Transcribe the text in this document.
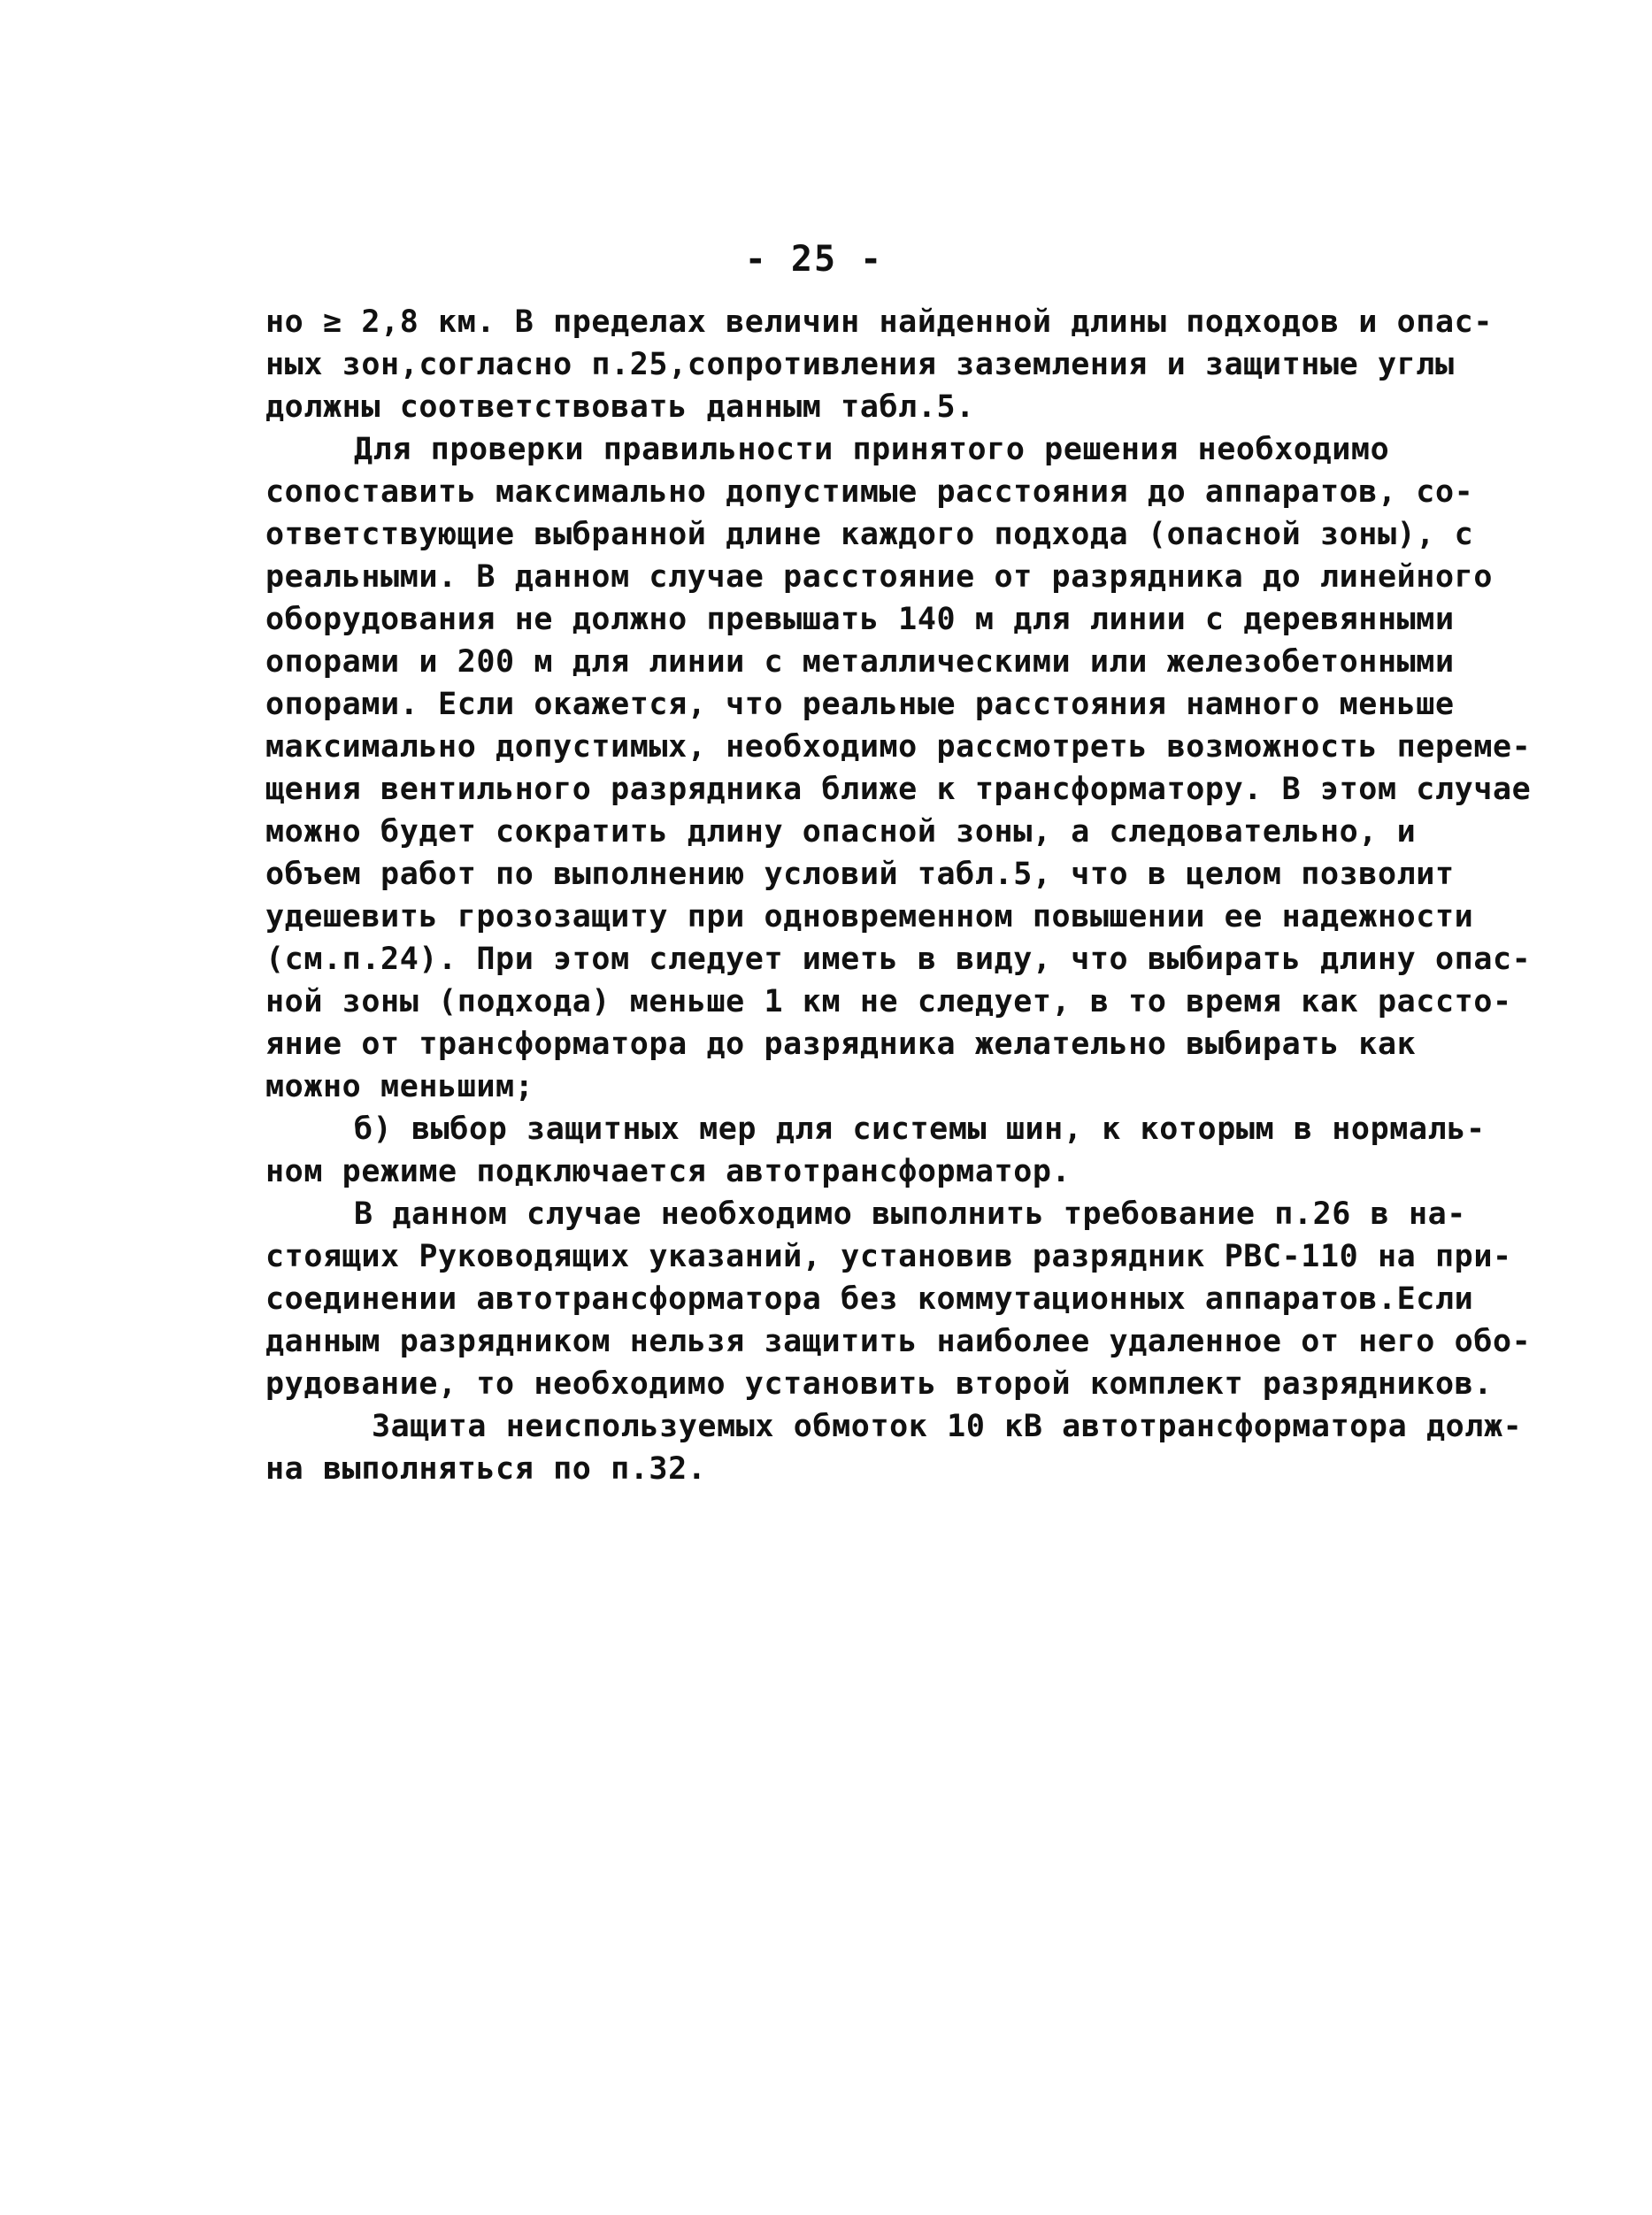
- 25 -
но ≥ 2,8 км. В пределах величин найденной длины подходов и опас-
ных зон,согласно п.25,сопротивления заземления и защитные углы
должны соответствовать данным табл.5.
Для проверки правильности принятого решения необходимо
сопоставить максимально допустимые расстояния до аппаратов, со-
ответствующие выбранной длине каждого подхода (опасной зоны), с
реальными. В данном случае расстояние от разрядника до линейного
оборудования не должно превышать 140 м для линии с деревянными
опорами и 200 м для линии с металлическими или железобетонными
опорами. Если окажется, что реальные расстояния намного меньше
максимально допустимых, необходимо рассмотреть возможность переме-
щения вентильного разрядника ближе к трансформатору. В этом случае
можно будет сократить длину опасной зоны, а следовательно, и
объем работ по выполнению условий табл.5, что в целом позволит
удешевить грозозащиту при одновременном повышении ее надежности
(см.п.24). При этом следует иметь в виду, что выбирать длину опас-
ной зоны (подхода) меньше 1 км не следует, в то время как рассто-
яние от трансформатора до разрядника желательно выбирать как
можно меньшим;
б) выбор защитных мер для системы шин, к которым в нормаль-
ном режиме подключается автотрансформатор.
В данном случае необходимо выполнить требование п.26 в на-
стоящих Руководящих указаний, установив разрядник РВС-110 на при-
соединении автотрансформатора без коммутационных аппаратов.Если
данным разрядником нельзя защитить наиболее удаленное от него обо-
рудование, то необходимо установить второй комплект разрядников.
Защита неиспользуемых обмоток 10 кВ автотрансформатора долж-
на выполняться по п.32.
